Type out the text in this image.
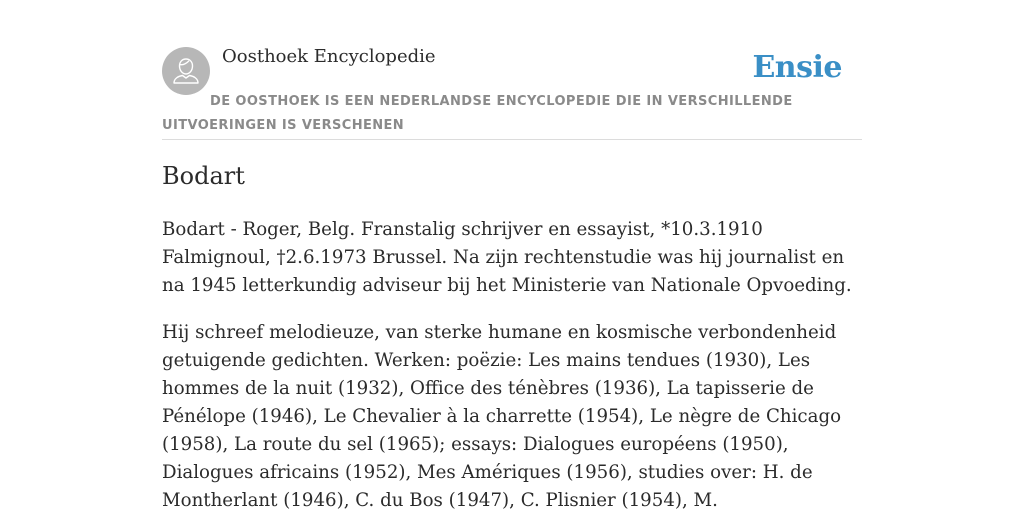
Oosthoek Encyclopedie	Ensie
DE OOSTHOEK IS EEN NEDERLANDSE ENCYCLOPEDIE DIE IN VERSCHILLENDE UITVOERINGEN IS VERSCHENEN
Bodart

Bodart - Roger, Belg. Franstalig schrijver en essayist, *10.3.1910 Falmignoul, †2.6.1973 Brussel. Na zijn rechtenstudie was hij journalist en na 1945 letterkundig adviseur bij het Ministerie van Nationale Opvoeding.

Hij schreef melodieuze, van sterke humane en kosmische verbondenheid getuigende gedichten. Werken: poëzie: Les mains tendues (1930), Les hommes de la nuit (1932), Office des ténèbres (1936), La tapisserie de Pénélope (1946), Le Chevalier à la charrette (1954), Le nègre de Chicago (1958), La route du sel (1965); essays: Dialogues européens (1950), Dialogues africains (1952), Mes Amériques (1956), studies over: H. de Montherlant (1946), C. du Bos (1947), C. Plisnier (1954), M.
